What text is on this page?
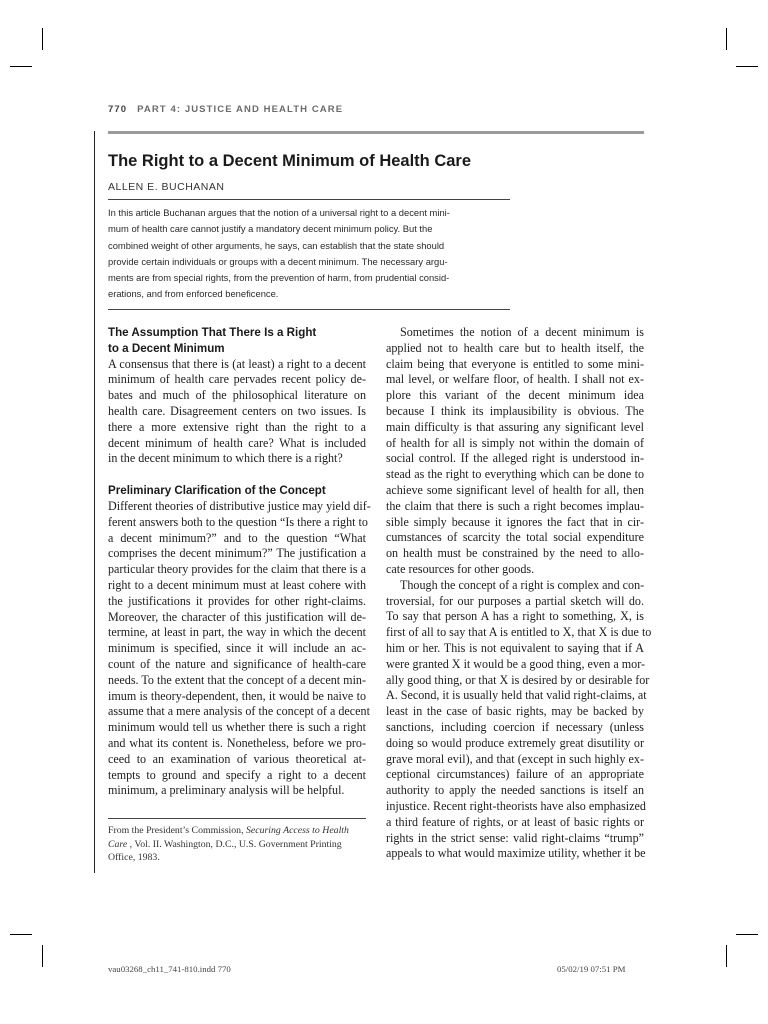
770 PART 4: JUSTICE AND HEALTH CARE
The Right to a Decent Minimum of Health Care
ALLEN E. BUCHANAN
In this article Buchanan argues that the notion of a universal right to a decent mini-
mum of health care cannot justify a mandatory decent minimum policy. But the
combined weight of other arguments, he says, can establish that the state should
provide certain individuals or groups with a decent minimum. The necessary argu-
ments are from special rights, from the prevention of harm, from prudential consid-
erations, and from enforced beneficence.
The Assumption That There Is a Right
to a Decent Minimum
A consensus that there is (at least) a right to a decent
minimum of health care pervades recent policy de-
bates and much of the philosophical literature on
health care. Disagreement centers on two issues. Is
there a more extensive right than the right to a
decent minimum of health care? What is included
in the decent minimum to which there is a right?
Preliminary Clarification of the Concept
Different theories of distributive justice may yield dif-
ferent answers both to the question “Is there a right to
a decent minimum?” and to the question “What
comprises the decent minimum?” The justification a
particular theory provides for the claim that there is a
right to a decent minimum must at least cohere with
the justifications it provides for other right-claims.
Moreover, the character of this justification will de-
termine, at least in part, the way in which the decent
minimum is specified, since it will include an ac-
count of the nature and significance of health-care
needs. To the extent that the concept of a decent min-
imum is theory-dependent, then, it would be naive to
assume that a mere analysis of the concept of a decent
minimum would tell us whether there is such a right
and what its content is. Nonetheless, before we pro-
ceed to an examination of various theoretical at-
tempts to ground and specify a right to a decent
minimum, a preliminary analysis will be helpful.
From the President’s Commission, Securing Access to Health
Care , Vol. II. Washington, D.C., U.S. Government Printing
Office, 1983.
Sometimes the notion of a decent minimum is
applied not to health care but to health itself, the
claim being that everyone is entitled to some mini-
mal level, or welfare floor, of health. I shall not ex-
plore this variant of the decent minimum idea
because I think its implausibility is obvious. The
main difficulty is that assuring any significant level
of health for all is simply not within the domain of
social control. If the alleged right is understood in-
stead as the right to everything which can be done to
achieve some significant level of health for all, then
the claim that there is such a right becomes implau-
sible simply because it ignores the fact that in cir-
cumstances of scarcity the total social expenditure
on health must be constrained by the need to allo-
cate resources for other goods.
Though the concept of a right is complex and con-
troversial, for our purposes a partial sketch will do.
To say that person A has a right to something, X, is
first of all to say that A is entitled to X, that X is due to
him or her. This is not equivalent to saying that if A
were granted X it would be a good thing, even a mor-
ally good thing, or that X is desired by or desirable for
A. Second, it is usually held that valid right-claims, at
least in the case of basic rights, may be backed by
sanctions, including coercion if necessary (unless
doing so would produce extremely great disutility or
grave moral evil), and that (except in such highly ex-
ceptional circumstances) failure of an appropriate
authority to apply the needed sanctions is itself an
injustice. Recent right-theorists have also emphasized
a third feature of rights, or at least of basic rights or
rights in the strict sense: valid right-claims “trump”
appeals to what would maximize utility, whether it be
vau03268_ch11_741-810.indd 770	05/02/19 07:51 PM
